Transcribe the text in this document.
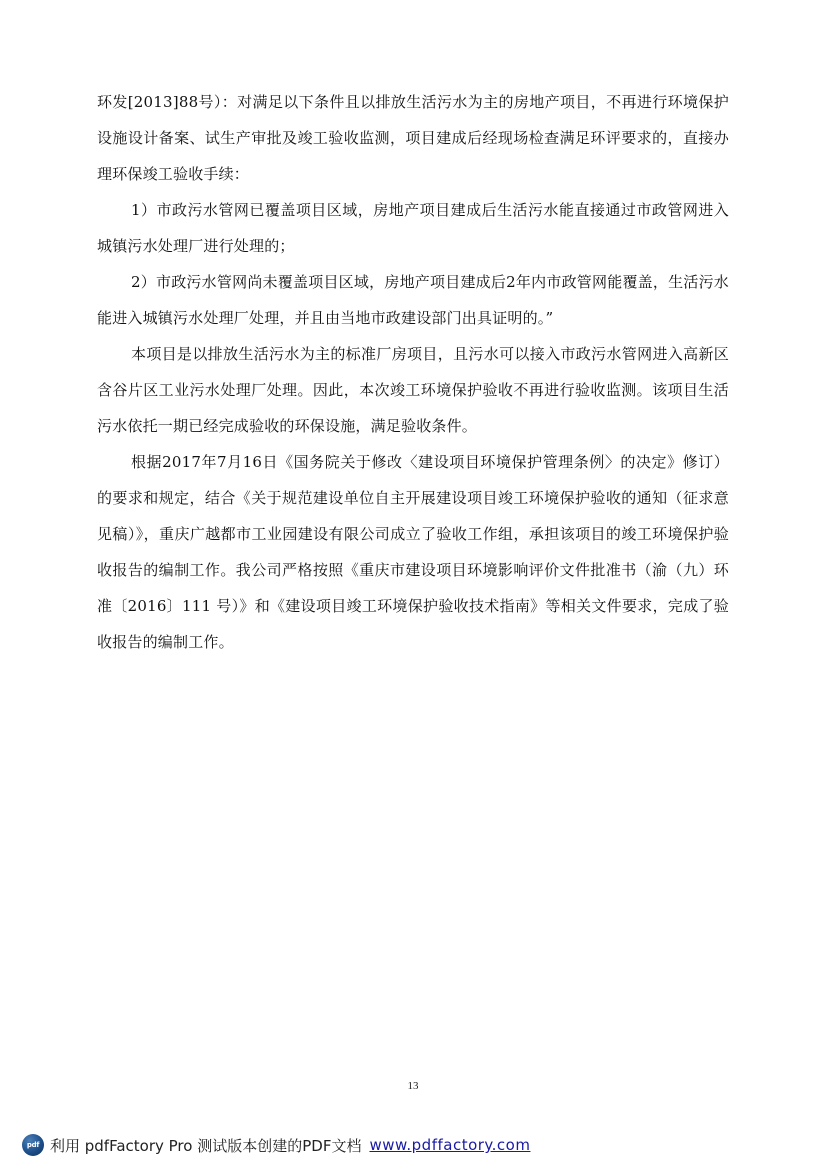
环发[2013]88号）：对满足以下条件且以排放生活污水为主的房地产项目，不再进行环境保护设施设计备案、试生产审批及竣工验收监测，项目建成后经现场检查满足环评要求的，直接办理环保竣工验收手续：

1）市政污水管网已覆盖项目区域，房地产项目建成后生活污水能直接通过市政管网进入城镇污水处理厂进行处理的；

2）市政污水管网尚未覆盖项目区域，房地产项目建成后2年内市政管网能覆盖，生活污水能进入城镇污水处理厂处理，并且由当地市政建设部门出具证明的。”

本项目是以排放生活污水为主的标准厂房项目，且污水可以接入市政污水管网进入高新区含谷片区工业污水处理厂处理。因此，本次竣工环境保护验收不再进行验收监测。该项目生活污水依托一期已经完成验收的环保设施，满足验收条件。

根据2017年7月16日《国务院关于修改〈建设项目环境保护管理条例〉的决定》修订）的要求和规定，结合《关于规范建设单位自主开展建设项目竣工环境保护验收的通知（征求意见稿）》，重庆广越都市工业园建设有限公司成立了验收工作组，承担该项目的竣工环境保护验收报告的编制工作。我公司严格按照《重庆市建设项目环境影响评价文件批准书（渝（九）环准〔2016〕111 号）》和《建设项目竣工环境保护验收技术指南》等相关文件要求，完成了验收报告的编制工作。

13
pdf 利用 pdfFactory Pro 测试版本创建的PDF文档 www.pdffactory.com
